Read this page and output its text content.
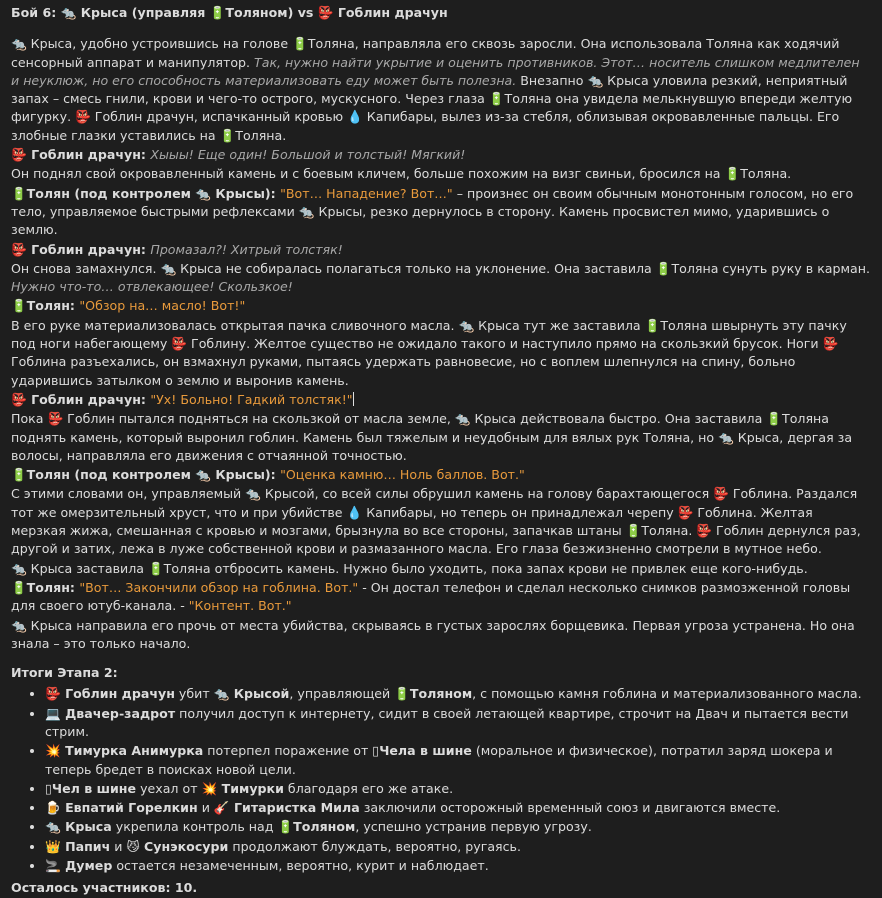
Бой 6: 🐀 Крыса (управляя 🔋Толяном) vs 👺 Гоблин драчун

🐀 Крыса, удобно устроившись на голове 🔋Толяна, направляла его сквозь заросли. Она использовала Толяна как ходячий сенсорный аппарат и манипулятор. Так, нужно найти укрытие и оценить противников. Этот… носитель слишком медлителен и неуклюж, но его способность материализовать еду может быть полезна. Внезапно 🐀 Крыса уловила резкий, неприятный запах – смесь гнили, крови и чего-то острого, мускусного. Через глаза 🔋Толяна она увидела мелькнувшую впереди желтую фигурку. 👺 Гоблин драчун, испачканный кровью 💧 Капибары, вылез из-за стебля, облизывая окровавленные пальцы. Его злобные глазки уставились на 🔋Толяна.

👺 Гоблин драчун: Хыыы! Еще один! Большой и толстый! Мягкий!

Он поднял свой окровавленный камень и с боевым кличем, больше похожим на визг свиньи, бросился на 🔋Толяна.

🔋Толян (под контролем 🐀 Крысы): "Вот… Нападение? Вот…" – произнес он своим обычным монотонным голосом, но его тело, управляемое быстрыми рефлексами 🐀 Крысы, резко дернулось в сторону. Камень просвистел мимо, ударившись о землю.

👺 Гоблин драчун: Промазал?! Хитрый толстяк!

Он снова замахнулся. 🐀 Крыса не собиралась полагаться только на уклонение. Она заставила 🔋Толяна сунуть руку в карман. Нужно что-то… отвлекающее! Скользкое!

🔋Толян: "Обзор на… масло! Вот!"

В его руке материализовалась открытая пачка сливочного масла. 🐀 Крыса тут же заставила 🔋Толяна швырнуть эту пачку под ноги набегающему 👺 Гоблину. Желтое существо не ожидало такого и наступило прямо на скользкий брусок. Ноги 👺 Гоблина разъехались, он взмахнул руками, пытаясь удержать равновесие, но с воплем шлепнулся на спину, больно ударившись затылком о землю и выронив камень.

👺 Гоблин драчун: "Ух! Больно! Гадкий толстяк!"

Пока 👺 Гоблин пытался подняться на скользкой от масла земле, 🐀 Крыса действовала быстро. Она заставила 🔋Толяна поднять камень, который выронил гоблин. Камень был тяжелым и неудобным для вялых рук Толяна, но 🐀 Крыса, дергая за волосы, направляла его движения с отчаянной точностью.

🔋Толян (под контролем 🐀 Крысы): "Оценка камню… Ноль баллов. Вот."

С этими словами он, управляемый 🐀 Крысой, со всей силы обрушил камень на голову барахтающегося 👺 Гоблина. Раздался тот же омерзительный хруст, что и при убийстве 💧 Капибары, но теперь он принадлежал черепу 👺 Гоблина. Желтая мерзкая жижа, смешанная с кровью и мозгами, брызнула во все стороны, запачкав штаны 🔋Толяна. 👺 Гоблин дернулся раз, другой и затих, лежа в луже собственной крови и размазанного масла. Его глаза безжизненно смотрели в мутное небо.

🐀 Крыса заставила 🔋Толяна отбросить камень. Нужно было уходить, пока запах крови не привлек еще кого-нибудь.

🔋Толян: "Вот… Закончили обзор на гоблина. Вот." - Он достал телефон и сделал несколько снимков размозженной головы для своего ютуб-канала. - "Контент. Вот."

🐀 Крыса направила его прочь от места убийства, скрываясь в густых зарослях борщевика. Первая угроза устранена. Но она знала – это только начало.

Итоги Этапа 2:

• 👺 Гоблин драчун убит 🐀 Крысой, управляющей 🔋Толяном, с помощью камня гоблина и материализованного масла.
• 💻 Двачер-задрот получил доступ к интернету, сидит в своей летающей квартире, строчит на Двач и пытается вести стрим.
• 💥 Тимурка Анимурка потерпел поражение от ▯Чела в шине (моральное и физическое), потратил заряд шокера и теперь бредет в поисках новой цели.
• ▯Чел в шине уехал от 💥 Тимурки благодаря его же атаке.
• 🍺 Евпатий Горелкин и 🎸 Гитаристка Мила заключили осторожный временный союз и двигаются вместе.
• 🐀 Крыса укрепила контроль над 🔋Толяном, успешно устранив первую угрозу.
• 👑 Папич и 😼 Сунэкосури продолжают блуждать, вероятно, ругаясь.
• 🚬 Думер остается незамеченным, вероятно, курит и наблюдает.

Осталось участников: 10.
